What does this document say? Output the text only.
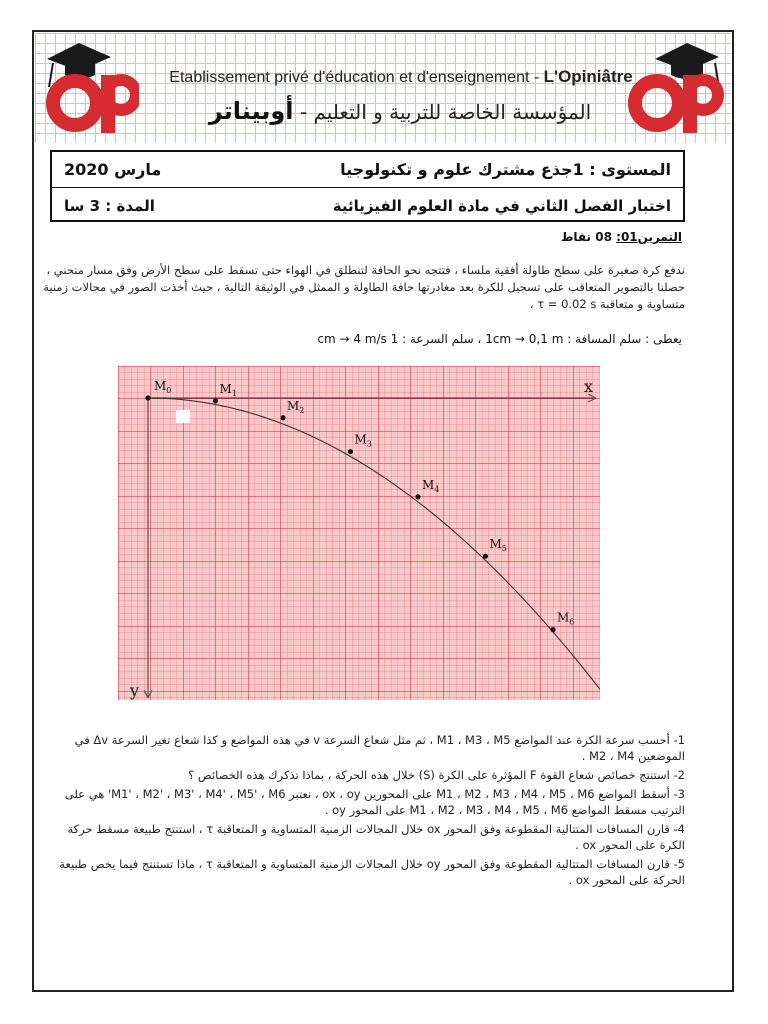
Etablissement privé d'éducation et d'enseignement - L'Opiniâtre
المؤسسة الخاصة للتربية و التعليم - أوبيناتر
المستوى : 1جذع مشترك علوم و تكنولوجيا
مارس 2020
اختبار الفصل الثاني في مادة العلوم الفيزيائية
المدة : 3 سا
التمرين01: 08 نقاط
ندفع كرة صغيرة على سطح طاولة أفقية ملساء ، فتتجه نحو الحافة لتنطلق في الهواء حتى تسقط على سطح الأرض وفق مسار منحني ، حصلنا بالتصوير المتعاقب على تسجيل للكرة بعد مغادرتها حافة الطاولة و الممثل في الوثيقة التالية ، حيث أخذت الصور في مجالات زمنية متساوية و متعاقبة τ = 0.02 s ،
يعطى : سلم المسافة : 1cm → 0,1 m ، سلم السرعة : 1 cm → 4 m/s
x
y
$M_0$	$M_1$
$M_2$
$M_3$
$M_4$
$M_5$
$M_6$
1- أحسب سرعة الكرة عند المواضع M1 ، M3 ، M5 ، ثم مثل شعاع السرعة v في هذه المواضع و كذا شعاع تغير السرعة Δv في الموضعين M2 ، M4 .
2- استنتج خصائص شعاع القوة F المؤثرة على الكرة (S) خلال هذه الحركة ، بماذا تذكرك هذه الخصائص ؟
3- أسقط المواضع M1 ، M2 ، M3 ، M4 ، M5 ، M6 على المحورين ox ، oy ، نعتبر M1' ، M2' ، M3' ، M4' ، M5' ، M6' هي على الترتيب مسقط المواضع M1 ، M2 ، M3 ، M4 ، M5 ، M6 على المحور oy .
4- قارن المسافات المتتالية المقطوعة وفق المحور ox خلال المجالات الزمنية المتساوية و المتعاقبة τ ، استنتج طبيعة مسقط حركة الكرة على المحور ox .
5- قارن المسافات المتتالية المقطوعة وفق المحور oy خلال المجالات الزمنية المتساوية و المتعاقبة τ ، ماذا تستنتج فيما يخص طبيعة الحركة على المحور ox .
